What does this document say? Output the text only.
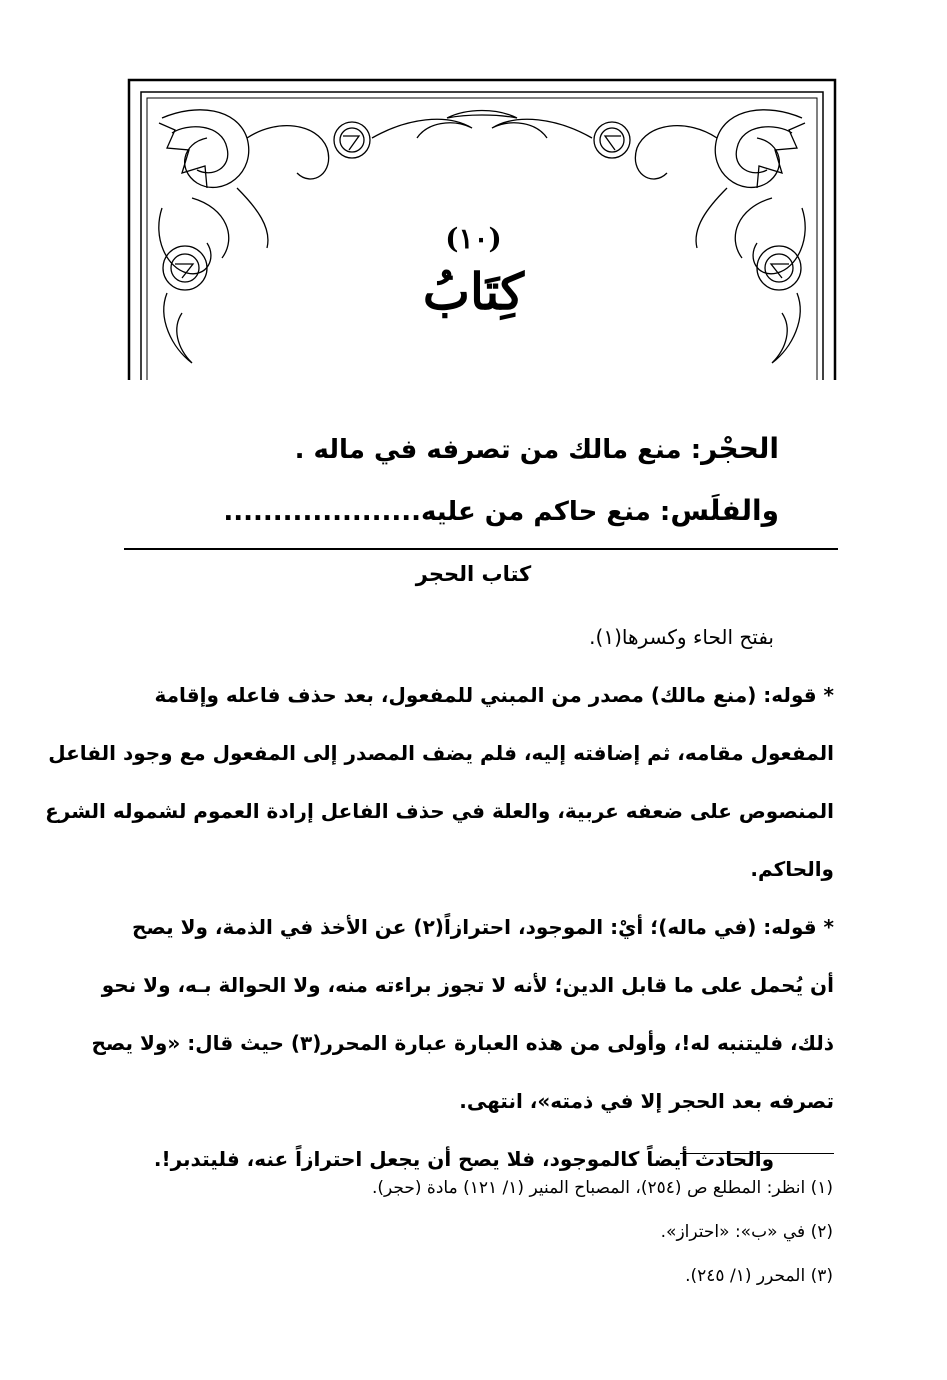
(١٠)
كِتَابُ
الحجْر: منع مالك من تصرفه في ماله .
والفلَس: منع حاكم من عليه....................
كتاب الحجر
بفتح الحاء وكسرها(١).
* قوله: (منع مالك) مصدر من المبني للمفعول، بعد حذف فاعله وإقامة
المفعول مقامه، ثم إضافته إليه، فلم يضف المصدر إلى المفعول مع وجود الفاعل
المنصوص على ضعفه عربية، والعلة في حذف الفاعل إرادة العموم لشموله الشرع
والحاكم.
* قوله: (في ماله)؛ أيْ: الموجود، احترازاً(٢) عن الأخذ في الذمة، ولا يصح
أن يُحمل على ما قابل الدين؛ لأنه لا تجوز براءته منه، ولا الحوالة بـه، ولا نحو
ذلك، فليتنبه له!، وأولى من هذه العبارة عبارة المحرر(٣) حيث قال: «ولا يصح
تصرفه بعد الحجر إلا في ذمته»، انتهى.
والحادث أيضاً كالموجود، فلا يصح أن يجعل احترازاً عنه، فليتدبر!.
(١) انظر: المطلع ص (٢٥٤)، المصباح المنير (١/ ١٢١) مادة (حجر).
(٢) في «ب»: «احتراز».
(٣) المحرر (١/ ٢٤٥).
